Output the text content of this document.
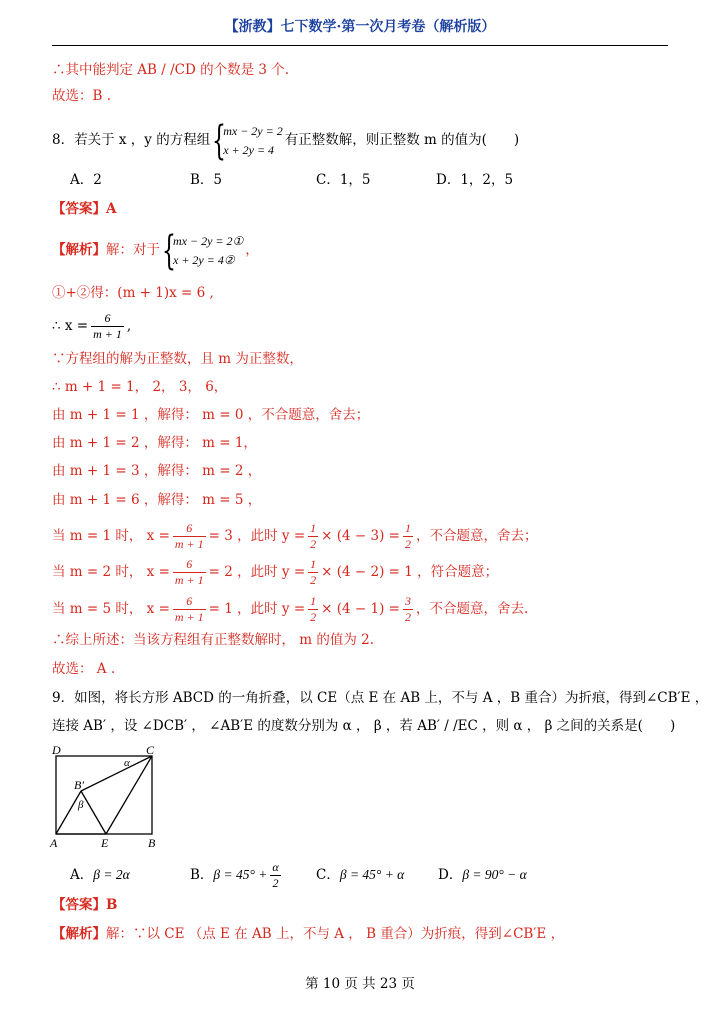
【浙教】七下数学·第一次月考卷（解析版）
∴其中能判定 AB / /CD 的个数是 3 个.
故选：B .
8．若关于 x ，y 的方程组 {
mx − 2y = 2
x + 2y = 4
有正整数解，则正整数 m 的值为(　　)
A．2	B．5	C．1，5	D．1，2，5
【答案】A
【解析】解：对于 {
mx − 2y = 2①
x + 2y = 4②
，
①+②得：(m + 1)x = 6 ,
∴ $x = \frac{6}{m + 1}$ ,
∵方程组的解为正整数，且 m 为正整数，
∴ m + 1 = 1， 2， 3， 6，
由 m + 1 = 1 ，解得： m = 0 ，不合题意，舍去；
由 m + 1 = 2 ，解得： m = 1，
由 m + 1 = 3 ，解得： m = 2 ，
由 m + 1 = 6 ，解得： m = 5 ，
当 m = 1 时， $x = \frac{6}{m + 1} = 3$ ，此时 $y = \frac{1}{2} \times (4 - 3) = \frac{1}{2}$ ，不合题意，舍去；
当 m = 2 时， $x = \frac{6}{m + 1} = 2$ ，此时 $y = \frac{1}{2} \times (4 - 2) = 1$ ，符合题意；
当 m = 5 时， $x = \frac{6}{m + 1} = 1$ ，此时 $y = \frac{1}{2} \times (4 - 1) = \frac{3}{2}$ ，不合题意，舍去.
∴综上所述：当该方程组有正整数解时， m 的值为 2.
故选： A .
9．如图，将长方形 ABCD 的一角折叠，以 CE（点 E 在 AB 上，不与 A ，B 重合）为折痕，得到∠CB′E ，
连接 AB′ ，设 ∠DCB′ ， ∠AB′E 的度数分别为 α ， β ，若 AB′ / /EC ，则 α ， β 之间的关系是(　　)
D	C
α
B′
β
A	E	B
A．β = 2α	B．$\beta = 45^\circ + \frac{\alpha}{2}$	C．β = 45° + α D．β = 90° − α
【答案】B
【解析】解：∵以 CE （点 E 在 AB 上，不与 A ， B 重合）为折痕，得到∠CB′E ，
第 10 页 共 23 页
